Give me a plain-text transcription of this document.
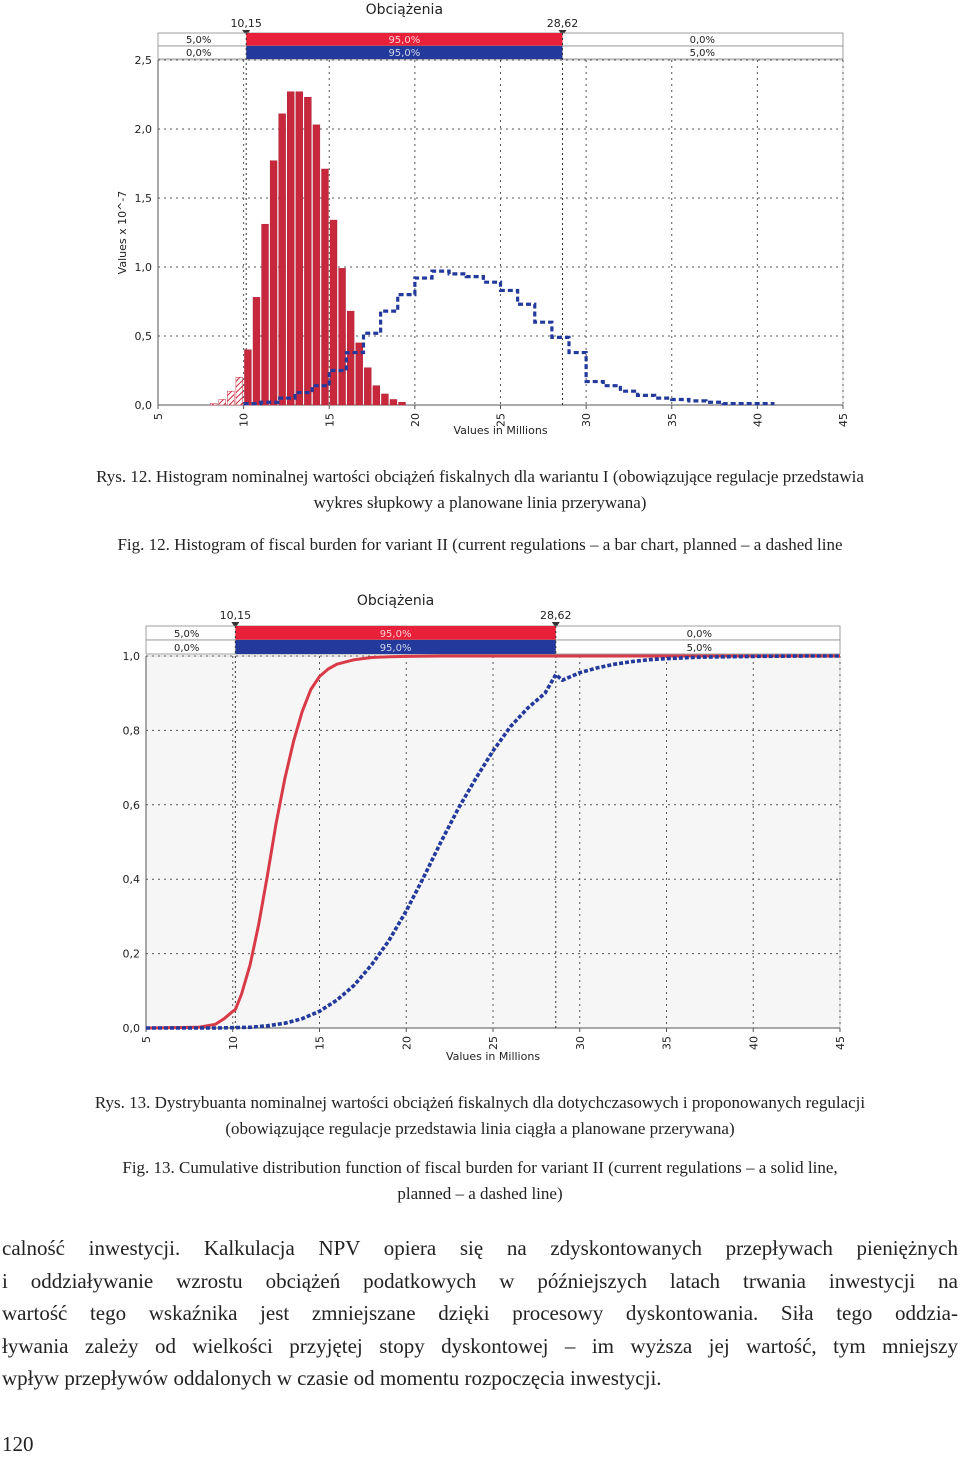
0,0
0,5
1,0
1,5
2,0
2,5
5	10	15	20	25	30	35	40	45
Values in Millions
Values x 10^-7
Obciążenia
10,15	28,62
5,0%	95,0%	0,0%
0,0%	95,0%	5,0%
Rys. 12. Histogram nominalnej wartości obciążeń fiskalnych dla wariantu I (obowiązujące regulacje przedstawia
wykres słupkowy a planowane linia przerywana)
Fig. 12. Histogram of fiscal burden for variant II (current regulations – a bar chart, planned – a dashed line
0,0
0,2
0,4
0,6
0,8
1,0
5	10	15	20	25	30	35	40	45
Values in Millions
Obciążenia
10,15	28,62
5,0%	95,0%	0,0%
0,0%	95,0%	5,0%
Rys. 13. Dystrybuanta nominalnej wartości obciążeń fiskalnych dla dotychczasowych i proponowanych regulacji
(obowiązujące regulacje przedstawia linia ciągła a planowane przerywana)
Fig. 13. Cumulative distribution function of fiscal burden for variant II (current regulations – a solid line,
planned – a dashed line)
calność inwestycji. Kalkulacja NPV opiera się na zdyskontowanych przepływach pieniężnych
i oddziaływanie wzrostu obciążeń podatkowych w późniejszych latach trwania inwestycji na
wartość tego wskaźnika jest zmniejszane dzięki procesowy dyskontowania. Siła tego oddzia-
ływania zależy od wielkości przyjętej stopy dyskontowej – im wyższa jej wartość, tym mniejszy
wpływ przepływów oddalonych w czasie od momentu rozpoczęcia inwestycji.
120
